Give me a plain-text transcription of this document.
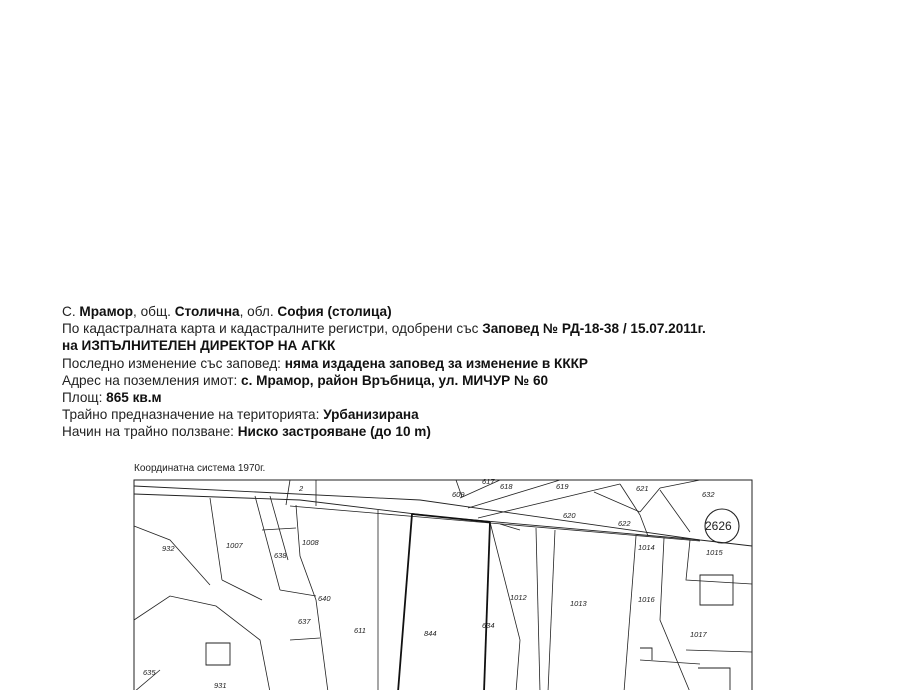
С. Мрамор, общ. Столична, обл. София (столица)
По кадастралната карта и кадастралните регистри, одобрени със Заповед № РД-18-38 / 15.07.2011г.
на ИЗПЪЛНИТЕЛЕН ДИРЕКТОР НА АГКК
Последно изменение със заповед: няма издадена заповед за изменение в КККР
Адрес на поземления имот: с. Мрамор, район Връбница, ул. МИЧУР № 60
Площ: 865 кв.м
Трайно предназначение на територията: Урбанизирана
Начин на трайно ползване: Ниско застрояване (до 10 m)
Координатна система 1970г.
2
609
617
618	619	621
632
620
622	2626
932	1007
638
1008
1014
1015
1012
1013	1016
640
637
611	844
634
1017
635
931
